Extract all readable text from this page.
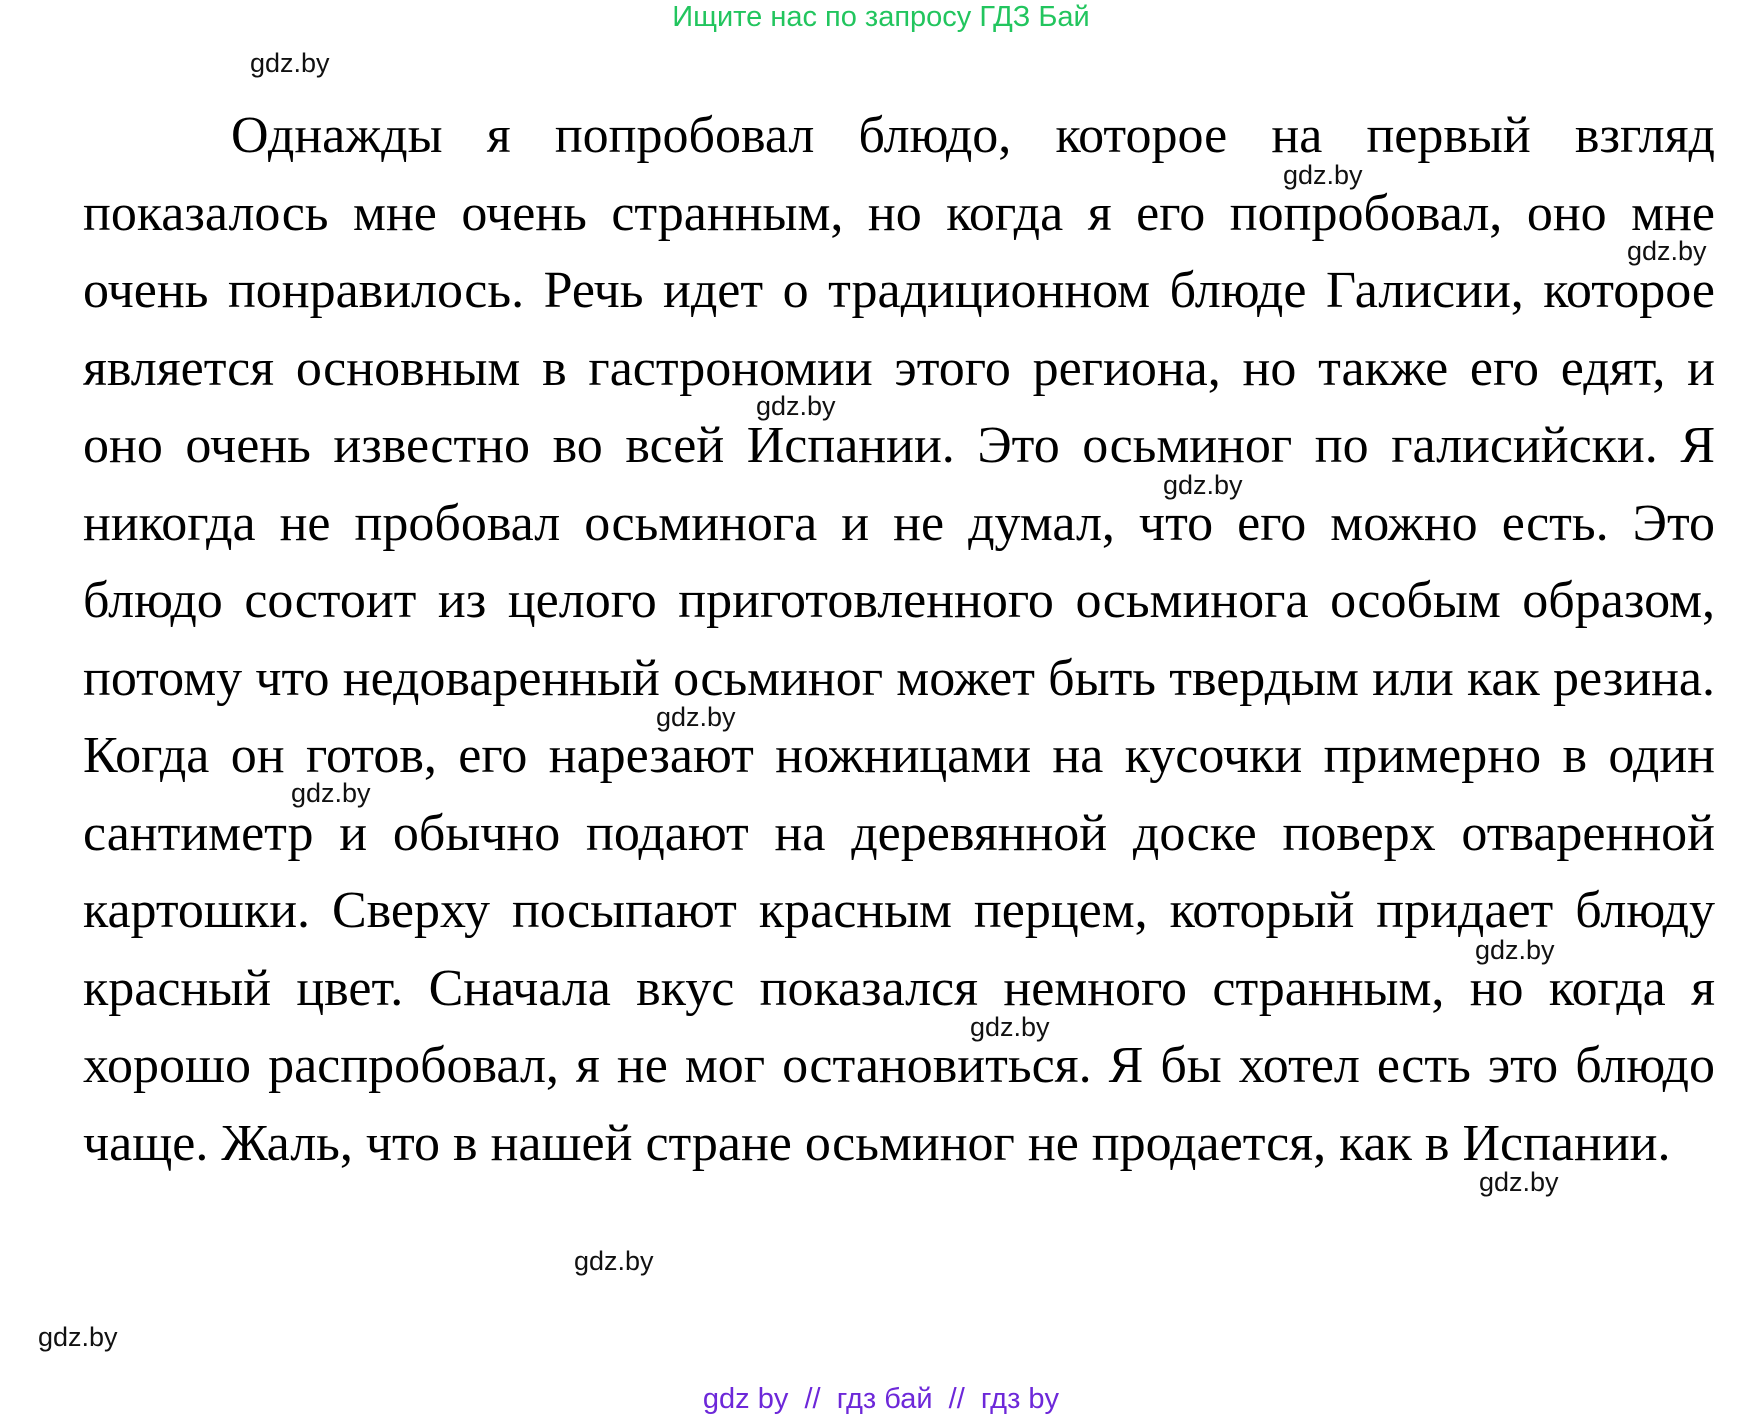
Ищите нас по запросу ГДЗ Бай

Однажды я попробовал блюдо, которое на первый взгляд показалось мне очень странным, но когда я его попробовал, оно мне очень понравилось. Речь идет о традиционном блюде Галисии, которое является основным в гастрономии этого региона, но также его едят, и оно очень известно во всей Испании. Это осьминог по галисийски. Я никогда не пробовал осьминога и не думал, что его можно есть. Это блюдо состоит из целого приготовленного осьминога особым образом, потому что недоваренный осьминог может быть твердым или как резина. Когда он готов, его нарезают ножницами на кусочки примерно в один сантиметр и обычно подают на деревянной доске поверх отваренной картошки. Сверху посыпают красным перцем, который придает блюду красный цвет. Сначала вкус показался немного странным, но когда я хорошо распробовал, я не мог остановиться. Я бы хотел есть это блюдо чаще. Жаль, что в нашей стране осьминог не продается, как в Испании.

gdz.by
gdz.by
gdz.by
gdz.by
gdz.by
gdz.by
gdz.by
gdz.by
gdz.by
gdz.by
gdz.by
gdz.by
gdz by  //  гдз бай  //  гдз by
